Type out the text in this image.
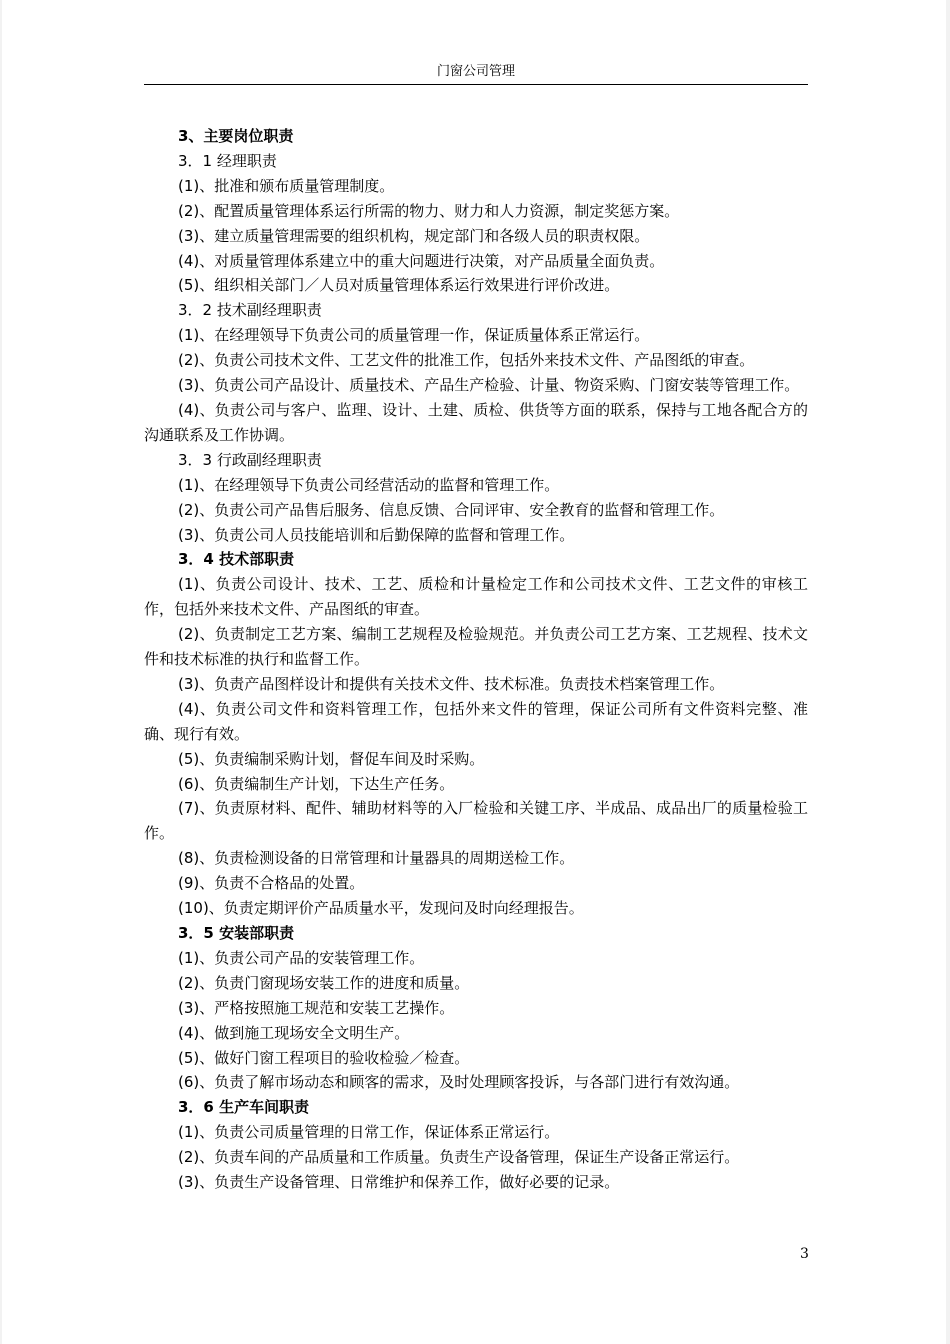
门窗公司管理

3、主要岗位职责

3．1 经理职责

(1)、批准和颁布质量管理制度。

(2)、配置质量管理体系运行所需的物力、财力和人力资源，制定奖惩方案。

(3)、建立质量管理需要的组织机构，规定部门和各级人员的职责权限。

(4)、对质量管理体系建立中的重大问题进行决策，对产品质量全面负责。

(5)、组织相关部门／人员对质量管理体系运行效果进行评价改进。

3．2 技术副经理职责

(1)、在经理领导下负责公司的质量管理一作，保证质量体系正常运行。

(2)、负责公司技术文件、工艺文件的批准工作，包括外来技术文件、产品图纸的审查。

(3)、负责公司产品设计、质量技术、产品生产检验、计量、物资采购、门窗安装等管理工作。

(4)、负责公司与客户、监理、设计、土建、质检、供货等方面的联系，保持与工地各配合方的沟通联系及工作协调。

3．3 行政副经理职责

(1)、在经理领导下负责公司经营活动的监督和管理工作。

(2)、负责公司产品售后服务、信息反馈、合同评审、安全教育的监督和管理工作。

(3)、负责公司人员技能培训和后勤保障的监督和管理工作。

3．4 技术部职责

(1)、负责公司设计、技术、工艺、质检和计量检定工作和公司技术文件、工艺文件的审核工作，包括外来技术文件、产品图纸的审查。

(2)、负责制定工艺方案、编制工艺规程及检验规范。并负责公司工艺方案、工艺规程、技术文件和技术标准的执行和监督工作。

(3)、负责产品图样设计和提供有关技术文件、技术标准。负责技术档案管理工作。

(4)、负责公司文件和资料管理工作，包括外来文件的管理，保证公司所有文件资料完整、准确、现行有效。

(5)、负责编制采购计划，督促车间及时采购。

(6)、负责编制生产计划，下达生产任务。

(7)、负责原材料、配件、辅助材料等的入厂检验和关键工序、半成品、成品出厂的质量检验工作。

(8)、负责检测设备的日常管理和计量器具的周期送检工作。

(9)、负责不合格品的处置。

(10)、负责定期评价产品质量水平，发现问及时向经理报告。

3．5 安装部职责

(1)、负责公司产品的安装管理工作。

(2)、负责门窗现场安装工作的进度和质量。

(3)、严格按照施工规范和安装工艺操作。

(4)、做到施工现场安全文明生产。

(5)、做好门窗工程项目的验收检验／检查。

(6)、负责了解市场动态和顾客的需求，及时处理顾客投诉，与各部门进行有效沟通。

3．6 生产车间职责

(1)、负责公司质量管理的日常工作，保证体系正常运行。

(2)、负责车间的产品质量和工作质量。负责生产设备管理，保证生产设备正常运行。

(3)、负责生产设备管理、日常维护和保养工作，做好必要的记录。

3
